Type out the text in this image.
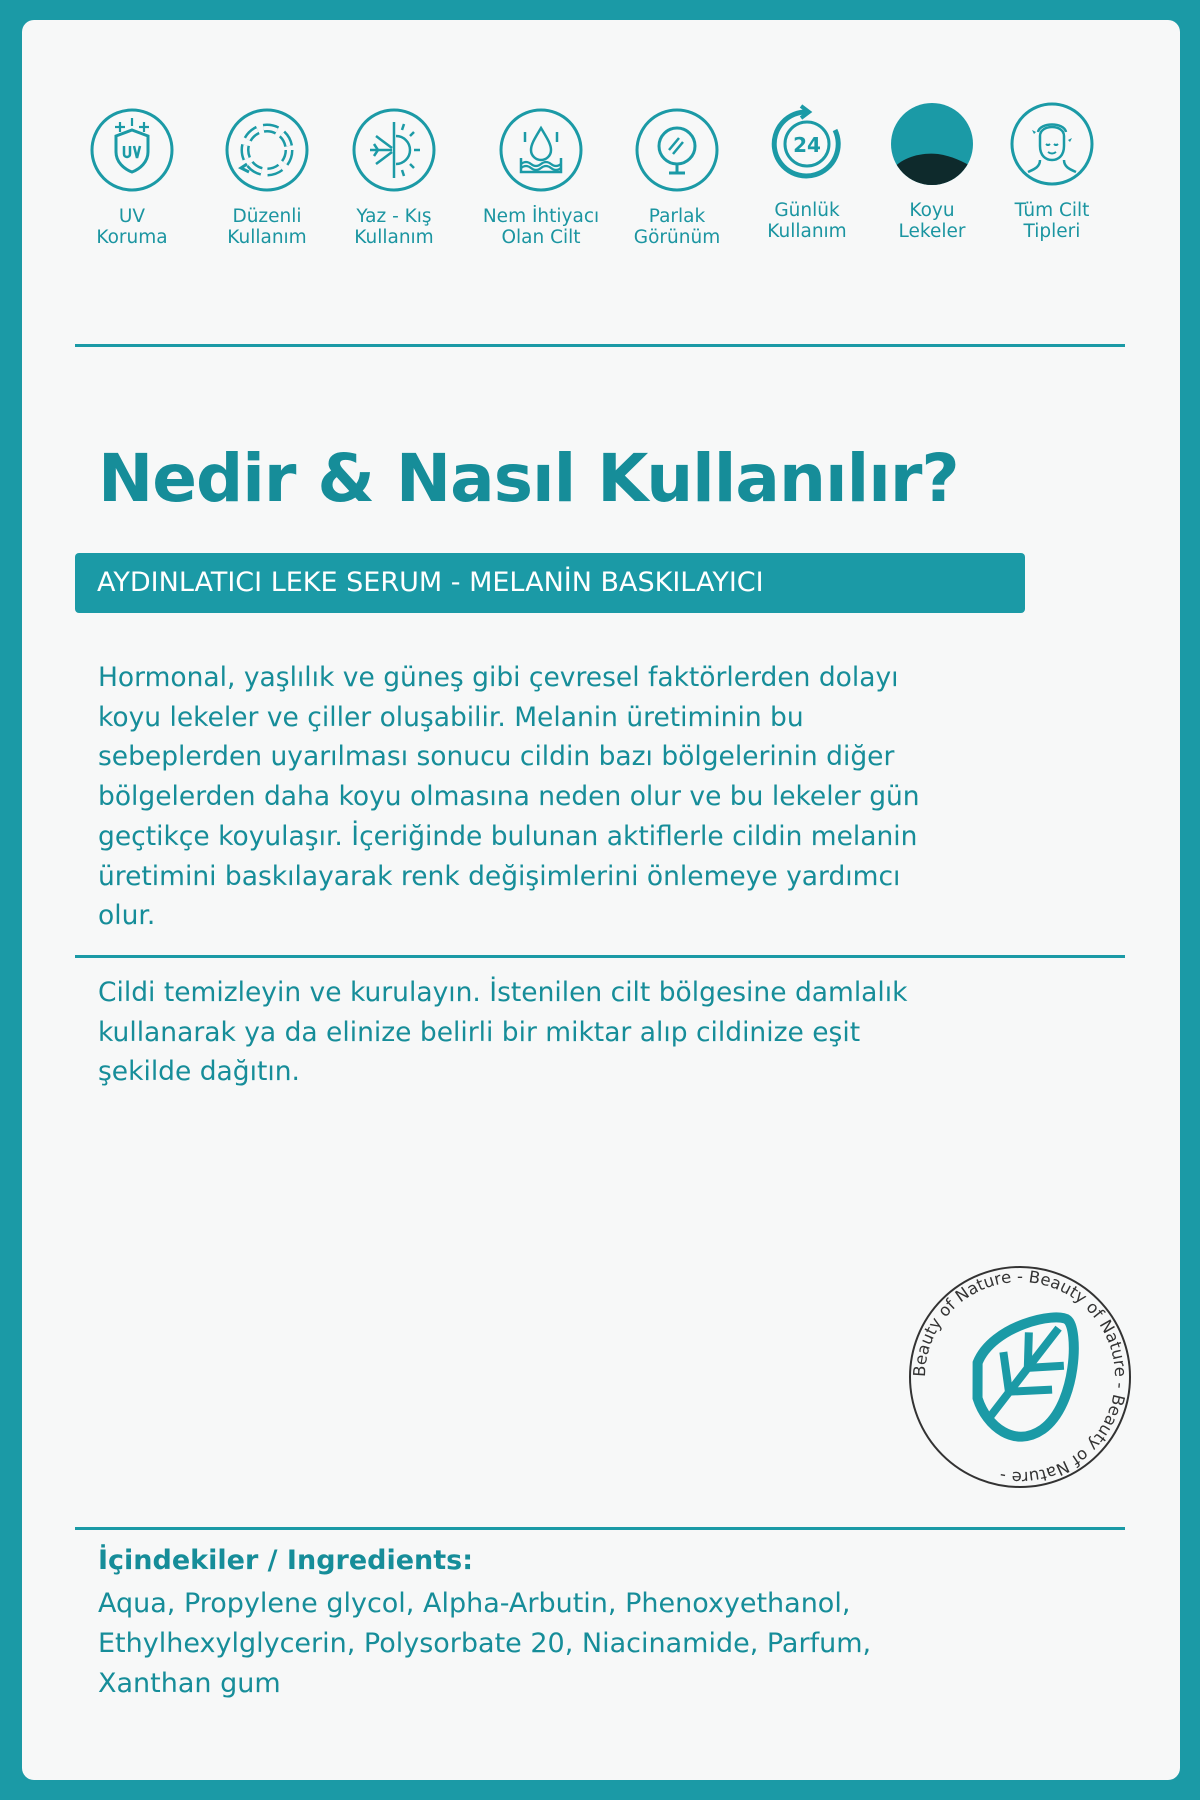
UV
Koruma
Düzenli
Kullanım
Yaz - Kış
Kullanım
Nem İhtiyacı
Olan Cilt
Parlak
Görünüm
24
Günlük
Kullanım
Koyu
Lekeler
Tüm Cilt
Tipleri
Nedir & Nasıl Kullanılır?
AYDINLATICI LEKE SERUM - MELANİN BASKILAYICI
Hormonal, yaşlılık ve güneş gibi çevresel faktörlerden dolayı
koyu lekeler ve çiller oluşabilir. Melanin üretiminin bu
sebeplerden uyarılması sonucu cildin bazı bölgelerinin diğer
bölgelerden daha koyu olmasına neden olur ve bu lekeler gün
geçtikçe koyulaşır. İçeriğinde bulunan aktiflerle cildin melanin
üretimini baskılayarak renk değişimlerini önlemeye yardımcı
olur.
Cildi temizleyin ve kurulayın. İstenilen cilt bölgesine damlalık
kullanarak ya da elinize belirli bir miktar alıp cildinize eşit
şekilde dağıtın.
Beauty of Nature - Beauty of Nature - Beauty of Nature -
İçindekiler / Ingredients:
Aqua, Propylene glycol, Alpha-Arbutin, Phenoxyethanol,
Ethylhexylglycerin, Polysorbate 20, Niacinamide, Parfum,
Xanthan gum
